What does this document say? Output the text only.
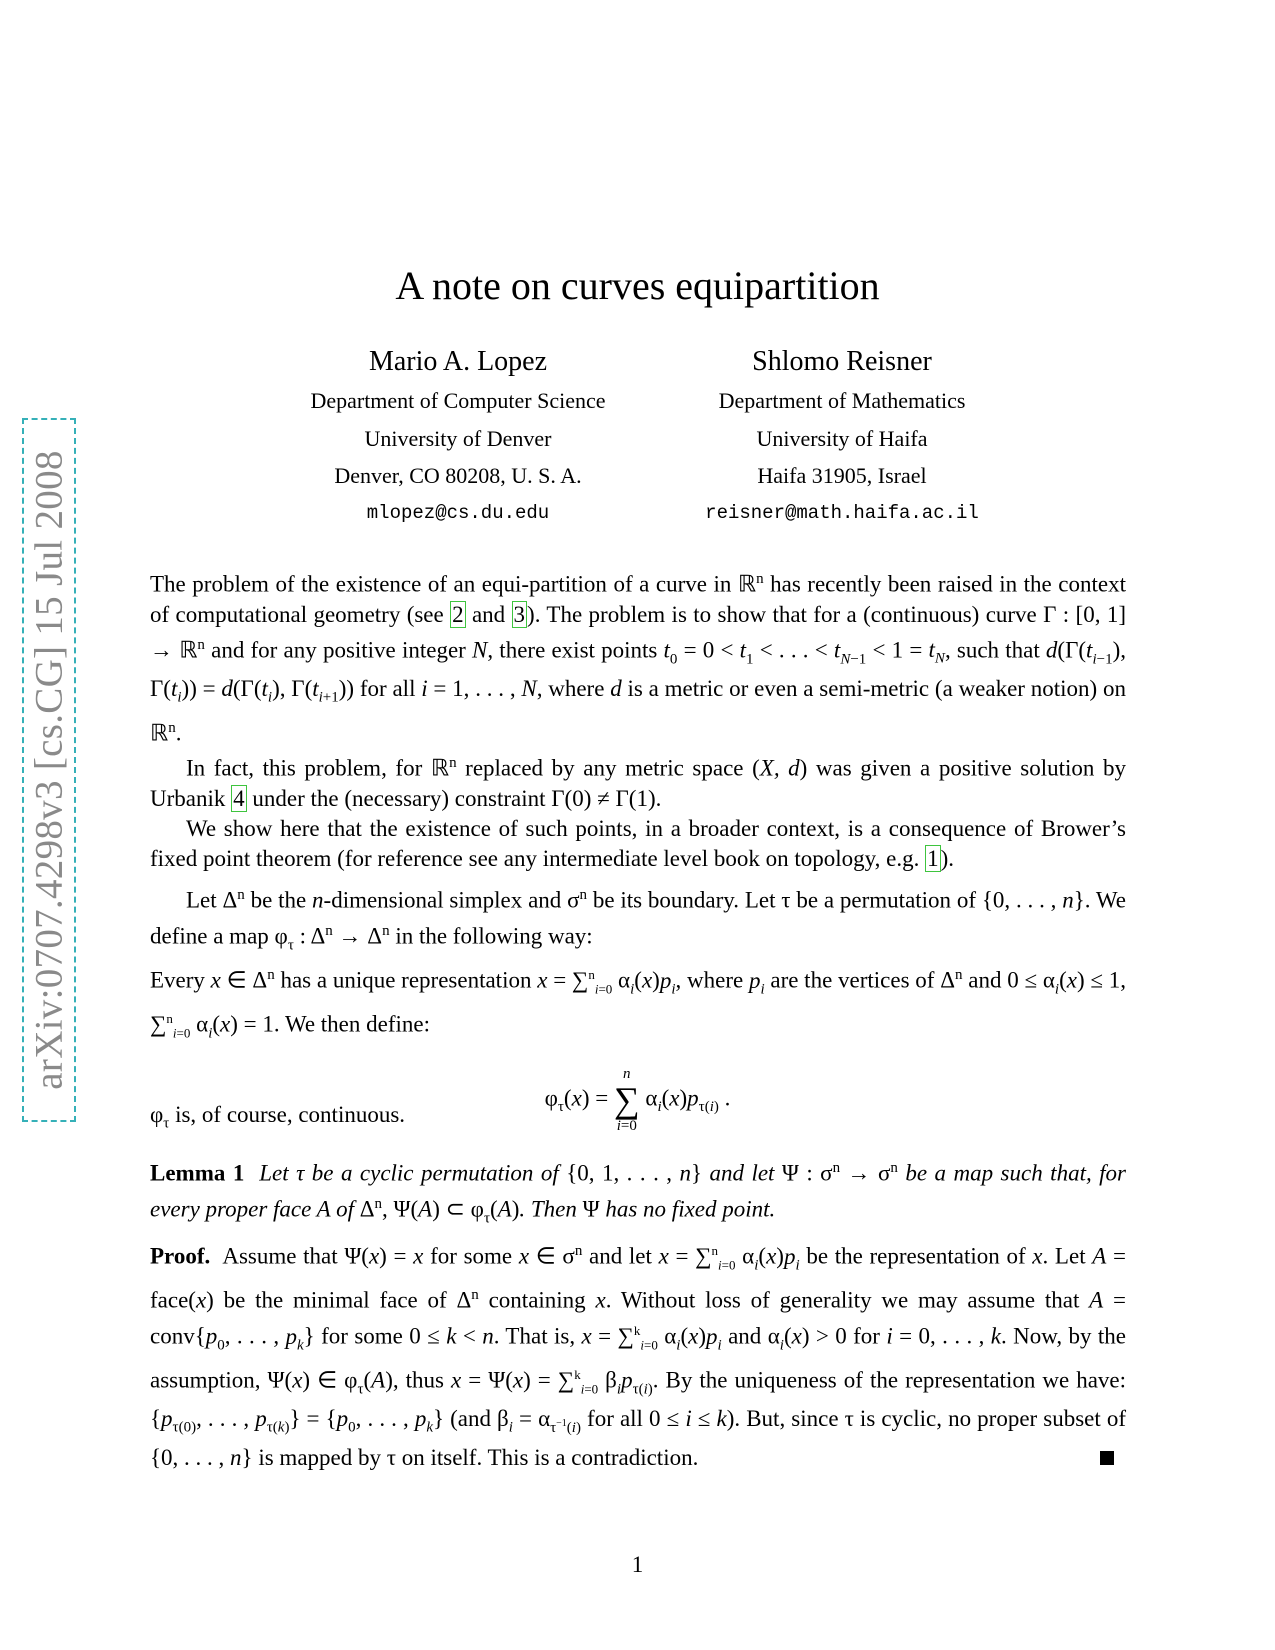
arXiv:0707.4298v3 [cs.CG] 15 Jul 2008
A note on curves equipartition
Mario A. Lopez
Department of Computer Science
University of Denver
Denver, CO 80208, U. S. A.
mlopez@cs.du.edu
Shlomo Reisner
Department of Mathematics
University of Haifa
Haifa 31905, Israel
reisner@math.haifa.ac.il

The problem of the existence of an equi-partition of a curve in ℝ$^n$ has recently been raised in the context of computational geometry (see 2 and 3). The problem is to show that for a (continuous) curve Γ : [0, 1] → ℝ$^n$ and for any positive integer N, there exist points $t_0 = 0 < t_1$ < . . . < $t_{N-1} < 1 = t_N$, such that $d(\Gamma(t_{i-1})$, $\Gamma(t_i)) = d(\Gamma(t_i)$, $\Gamma(t_{i+1})$) for all i = 1, . . . , N, where d is a metric or even a semi-metric (a weaker notion) on ℝ$^n$.

In fact, this problem, for ℝ$^n$ replaced by any metric space (X, d) was given a positive solution by Urbanik 4 under the (necessary) constraint Γ(0) ≠ Γ(1).

We show here that the existence of such points, in a broader context, is a consequence of Brower’s fixed point theorem (for reference see any intermediate level book on topology, e.g. 1).

Let $\Delta^n$ be the n-dimensional simplex and $\sigma^n$ be its boundary. Let τ be a permutation of {0, . . . , n}. We define a map $\varphi_\tau$ : $\Delta^n \to \Delta^n$ in the following way:

Every x ∈ $\Delta^n$ has a unique representation x = ∑$^n_{i=0}$ $\alpha_i(x)p_i$, where $p_i$ are the vertices of $\Delta^n$ and $0 \le \alpha_i(x) \le 1$, ∑$^n_{i=0}$ $\alpha_i(x) = 1$. We then define:

$\varphi_\tau(x)$ =
n
∑
i=0
$\alpha_i(x)p_{\tau(i)}$ .

$\varphi_\tau$ is, of course, continuous.

Lemma 1 Let τ be a cyclic permutation of {0, 1, . . . , n} and let Ψ : $\sigma^n \to \sigma^n$ be a map such that, for every proper face A of $\Delta^n$, Ψ(A) ⊂ $\varphi_\tau(A)$. Then Ψ has no fixed point.

Proof.  Assume that Ψ(x) = x for some x ∈ $\sigma^n$ and let x = ∑$^n_{i=0}$ $\alpha_i(x)p_i$ be the representation of x. Let A = face(x) be the minimal face of $\Delta^n$ containing x. Without loss of generality we may assume that $A = conv\{p_0$, . . . , $p_k$} for some 0 ≤ k < n. That is, x = ∑$^k_{i=0}$ $\alpha_i(x)p_i$ and $\alpha_i(x) > 0$ for i = 0, . . . , k. Now, by the assumption, Ψ(x) ∈ $\varphi_\tau(A)$, thus x = Ψ(x) = ∑$^k_{i=0}$ $\beta_ip_{\tau(i)}$. By the uniqueness of the representation we have: {$p_{\tau(0)}$, . . . , $p_{\tau(k)}\} = \{p_0$, . . . , $p_k$} (and $\beta_i = \alpha_{\tau^{-1}(i)}$ for all 0 ≤ i ≤ k). But, since τ is cyclic, no proper subset of {0, . . . , n} is mapped by τ on itself. This is a contradiction.

1
